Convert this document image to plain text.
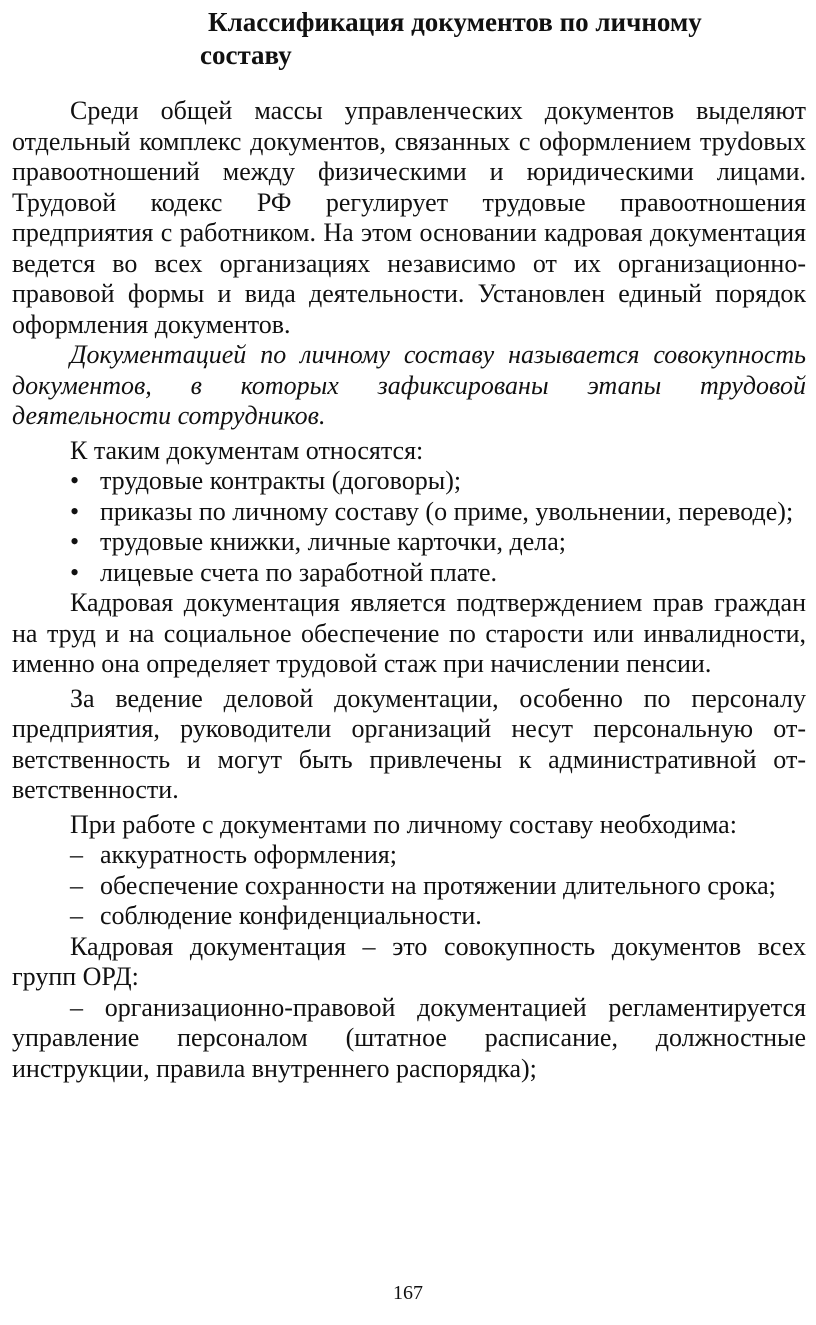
Классификация документов по личному составу

Среди общей массы управленческих документов выделяют отдельный комплекс документов, связанных с оформлением труdовых правоотношений между физическими и юридическими лицами. Трудовой кодекс РФ регулирует трудовые правоотношения предприятия с работником. На этом основании кадровая документация ведется во всех организациях независимо от их организационно-правовой формы и вида деятельности. Установлен единый порядок оформления документов.

Документацией по личному составу называется совокупность документов, в которых зафиксированы этапы трудовой деятельности сотрудников.

К таким документам относятся:

• трудовые контракты (договоры);

• приказы по личному составу (о приме, увольнении, переводе);

• трудовые книжки, личные карточки, дела;

• лицевые счета по заработной плате.

Кадровая документация является подтверждением прав граждан на труд и на социальное обеспечение по старости или инвалидности, именно она определяет трудовой стаж при начислении пенсии.

За ведение деловой документации, особенно по персоналу предприятия, руководители организаций несут персональную ответственность и могут быть привлечены к административной ответственности.

При работе с документами по личному составу необходима:

– аккуратность оформления;

– обеспечение сохранности на протяжении длительного срока;

– соблюдение конфиденциальности.

Кадровая документация – это совокупность документов всех групп ОРД:

– организационно-правовой документацией регламентируется управление персоналом (штатное расписание, должностные инструкции, правила внутреннего распорядка);

167
